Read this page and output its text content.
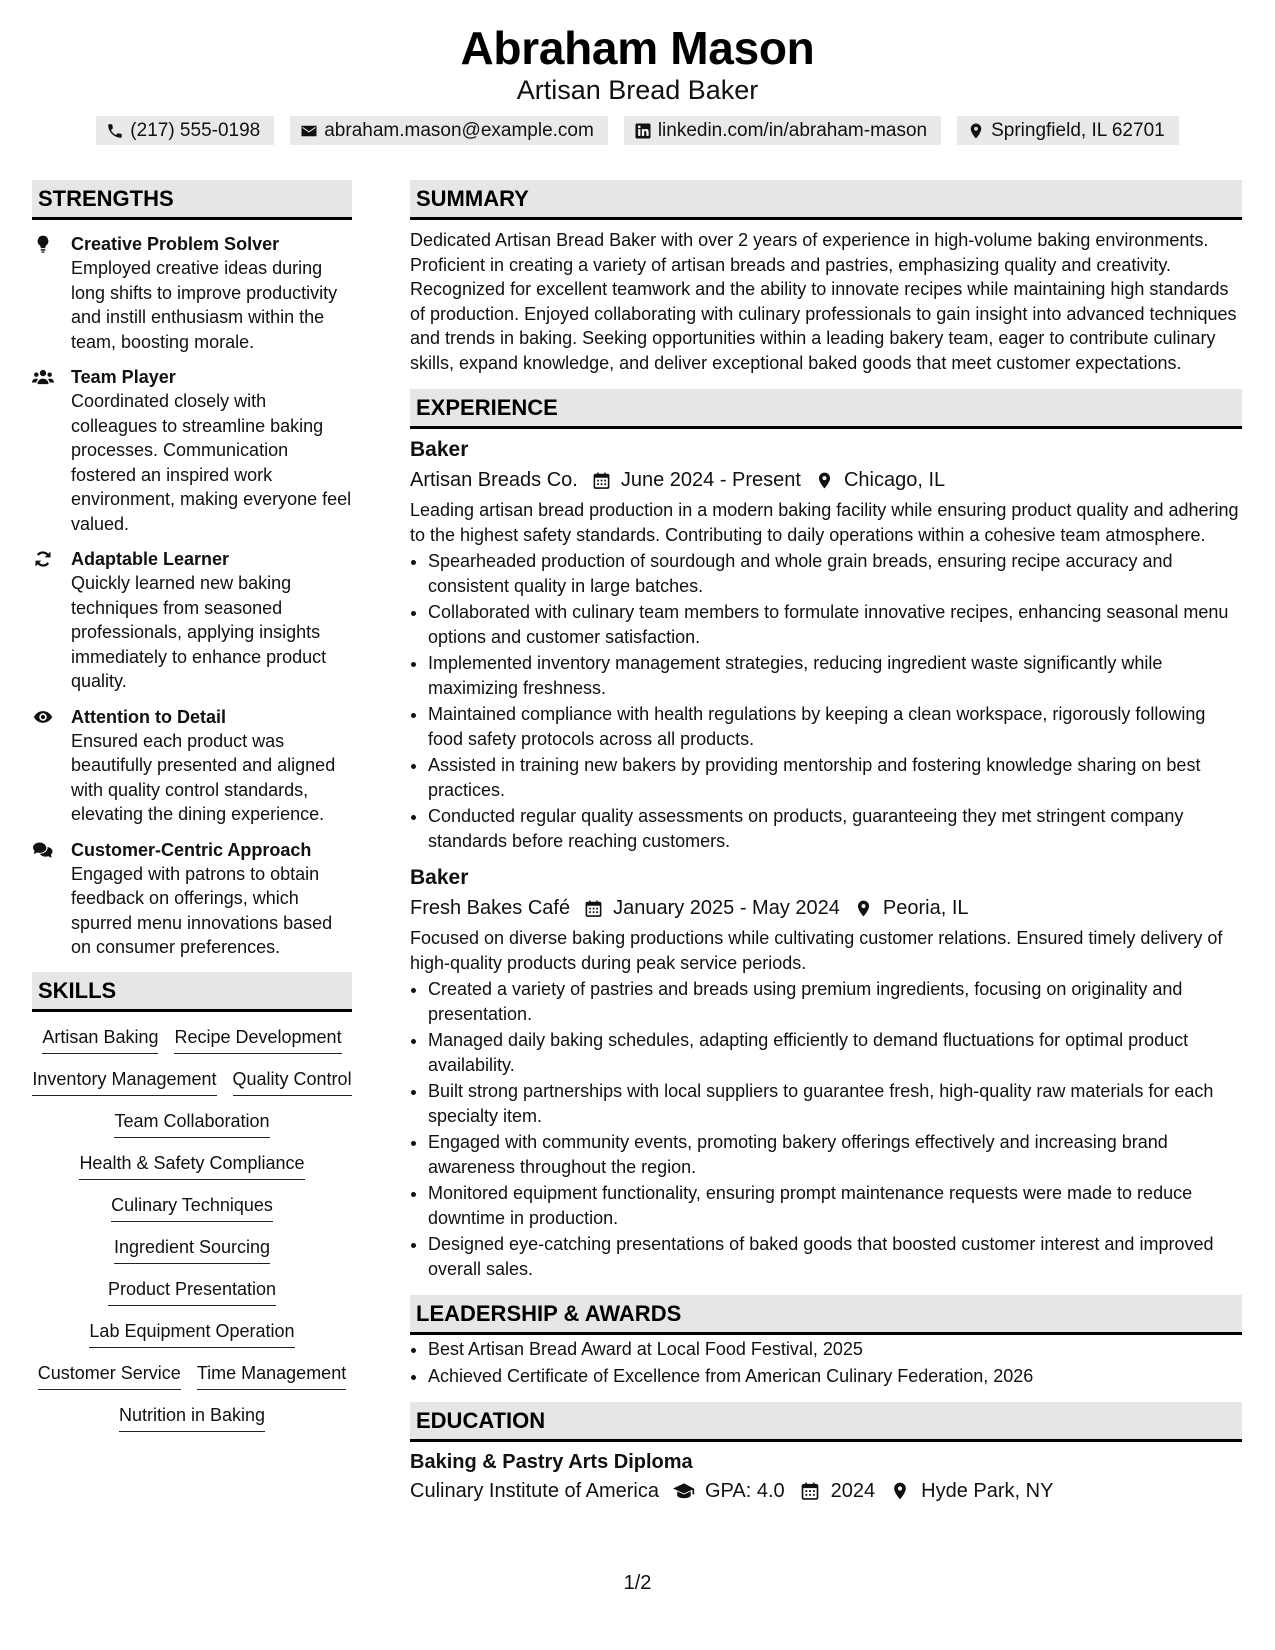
Abraham Mason
Artisan Bread Baker
(217) 555-0198	abraham.mason@example.com	linkedin.com/in/abraham-mason	Springfield, IL 62701
STRENGTHS
Creative Problem Solver
Employed creative ideas during long shifts to improve productivity and instill enthusiasm within the team, boosting morale.
Team Player
Coordinated closely with colleagues to streamline baking processes. Communication fostered an inspired work environment, making everyone feel valued.
Adaptable Learner
Quickly learned new baking techniques from seasoned professionals, applying insights immediately to enhance product quality.
Attention to Detail
Ensured each product was beautifully presented and aligned with quality control standards, elevating the dining experience.
Customer-Centric Approach
Engaged with patrons to obtain feedback on offerings, which spurred menu innovations based on consumer preferences.
SKILLS
Artisan Baking Recipe Development
Inventory Management Quality Control
Team Collaboration
Health & Safety Compliance
Culinary Techniques
Ingredient Sourcing
Product Presentation
Lab Equipment Operation
Customer Service Time Management
Nutrition in Baking
SUMMARY
Dedicated Artisan Bread Baker with over 2 years of experience in high-volume baking environments. Proficient in creating a variety of artisan breads and pastries, emphasizing quality and creativity. Recognized for excellent teamwork and the ability to innovate recipes while maintaining high standards of production. Enjoyed collaborating with culinary professionals to gain insight into advanced techniques and trends in baking. Seeking opportunities within a leading bakery team, eager to contribute culinary skills, expand knowledge, and deliver exceptional baked goods that meet customer expectations.
EXPERIENCE
Baker
Artisan Breads Co. June 2024 - Present Chicago, IL
Leading artisan bread production in a modern baking facility while ensuring product quality and adhering to the highest safety standards. Contributing to daily operations within a cohesive team atmosphere.
• Spearheaded production of sourdough and whole grain breads, ensuring recipe accuracy and consistent quality in large batches.
• Collaborated with culinary team members to formulate innovative recipes, enhancing seasonal menu options and customer satisfaction.
• Implemented inventory management strategies, reducing ingredient waste significantly while maximizing freshness.
• Maintained compliance with health regulations by keeping a clean workspace, rigorously following food safety protocols across all products.
• Assisted in training new bakers by providing mentorship and fostering knowledge sharing on best practices.
• Conducted regular quality assessments on products, guaranteeing they met stringent company standards before reaching customers.
Baker
Fresh Bakes Café January 2025 - May 2024 Peoria, IL
Focused on diverse baking productions while cultivating customer relations. Ensured timely delivery of high-quality products during peak service periods.
• Created a variety of pastries and breads using premium ingredients, focusing on originality and presentation.
• Managed daily baking schedules, adapting efficiently to demand fluctuations for optimal product availability.
• Built strong partnerships with local suppliers to guarantee fresh, high-quality raw materials for each specialty item.
• Engaged with community events, promoting bakery offerings effectively and increasing brand awareness throughout the region.
• Monitored equipment functionality, ensuring prompt maintenance requests were made to reduce downtime in production.
• Designed eye-catching presentations of baked goods that boosted customer interest and improved overall sales.
LEADERSHIP & AWARDS
• Best Artisan Bread Award at Local Food Festival, 2025
• Achieved Certificate of Excellence from American Culinary Federation, 2026
EDUCATION
Baking & Pastry Arts Diploma
Culinary Institute of America GPA: 4.0 2024 Hyde Park, NY
1/2
